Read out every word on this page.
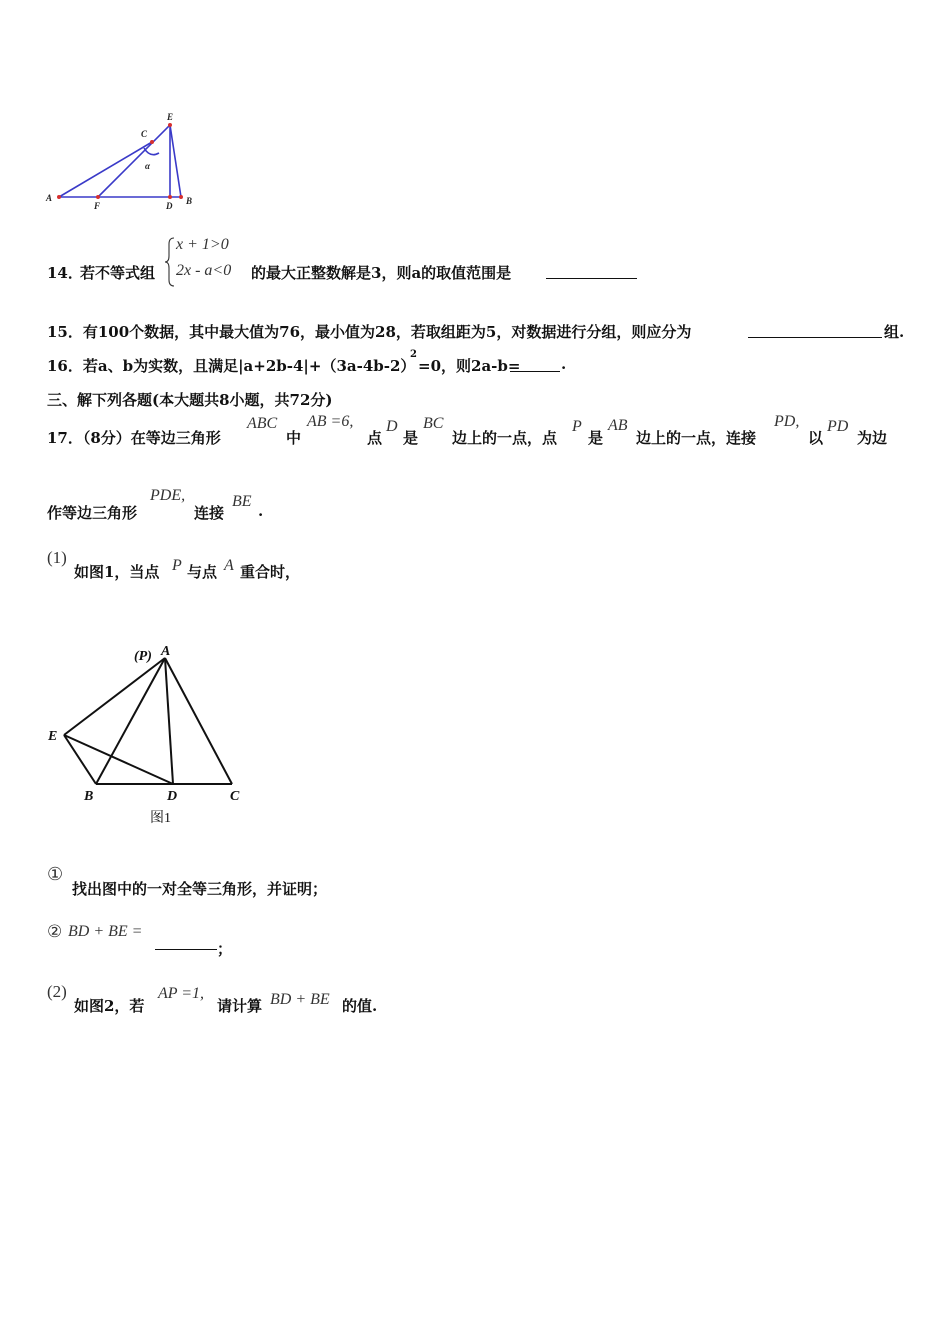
A
F	D B
C
E
α
14．
若不等式组
x + 1>0
2x - a<0 的最大正整数解是3，则a的取值范围是
15．有100个数据，其中最大值为76，最小值为28，若取组距为5，对数据进行分组，则应分为	组.
16．若a、b为实数，且满足|a+2b-4|+（3a-4b-2）
2
=0，则2a-b=	.
三、解下列各题(本大题共8小题，共72分)
17．（8分）在等边三角形
ABC
中
AB =6,
点
D
是
BC
边上的一点，点
P
是
AB
边上的一点，连接
PD,
以
PD
为边
作等边三角形
PDE,
连接
BE
.
(1)
如图1，当点 P 与点 A 重合时，
(P) A
E
B	D	C
图1
①
找出图中的一对全等三角形，并证明；
② BD + BE =
；
(2)
如图2，若
AP =1,
请计算 BD + BE 的值.
